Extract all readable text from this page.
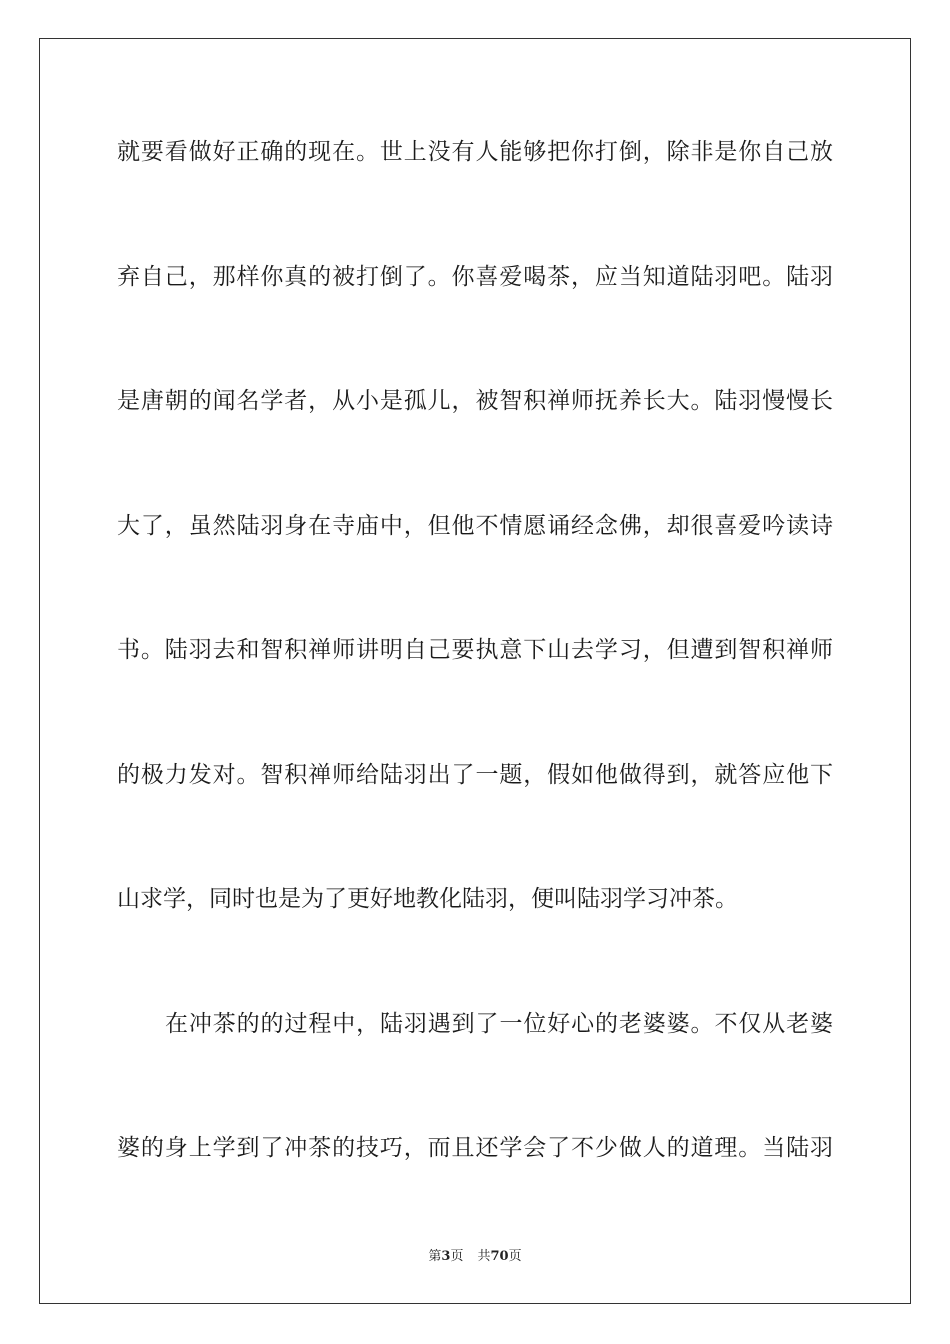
就要看做好正确的现在。世上没有人能够把你打倒，除非是你自己放
弃自己，那样你真的被打倒了。你喜爱喝茶，应当知道陆羽吧。陆羽
是唐朝的闻名学者，从小是孤儿，被智积禅师抚养长大。陆羽慢慢长
大了，虽然陆羽身在寺庙中，但他不情愿诵经念佛，却很喜爱吟读诗
书。陆羽去和智积禅师讲明自己要执意下山去学习，但遭到智积禅师
的极力发对。智积禅师给陆羽出了一题，假如他做得到，就答应他下
山求学，同时也是为了更好地教化陆羽，便叫陆羽学习冲茶。
在冲茶的的过程中，陆羽遇到了一位好心的老婆婆。不仅从老婆
婆的身上学到了冲茶的技巧，而且还学会了不少做人的道理。当陆羽
第3页 共70页
